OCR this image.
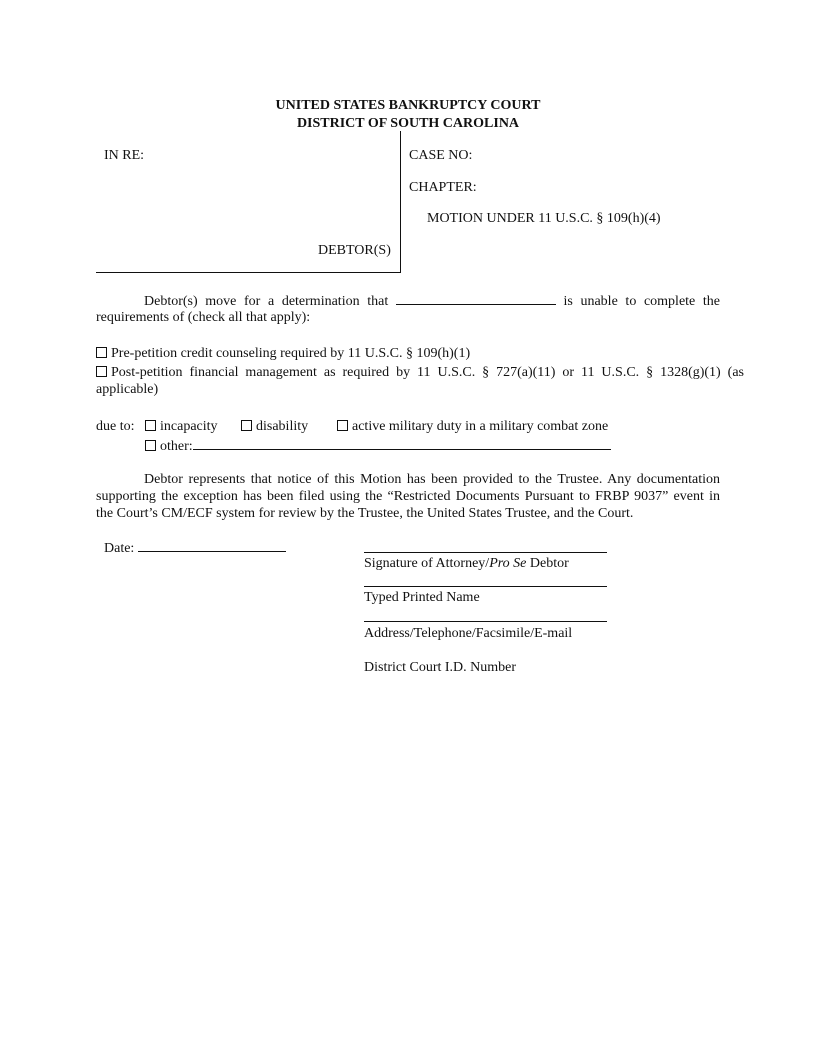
UNITED STATES BANKRUPTCY COURT
DISTRICT OF SOUTH CAROLINA
IN RE:
DEBTOR(S)
CASE NO:
CHAPTER:
MOTION UNDER 11 U.S.C. § 109(h)(4)
Debtor(s) move for a determination that	is unable to complete the
requirements of (check all that apply):
Pre-petition credit counseling required by 11 U.S.C. § 109(h)(1)
Post-petition financial management as required by 11 U.S.C. § 727(a)(11) or 11 U.S.C. § 1328(g)(1) (as
applicable)
due to:	incapacity	disability	active military duty in a military combat zone
other:
Debtor represents that notice of this Motion has been provided to the Trustee. Any documentation
supporting the exception has been filed using the “Restricted Documents Pursuant to FRBP 9037” event in
the Court’s CM/ECF system for review by the Trustee, the United States Trustee, and the Court.
Date:
Signature of Attorney/Pro Se Debtor
Typed Printed Name
Address/Telephone/Facsimile/E-mail
District Court I.D. Number
